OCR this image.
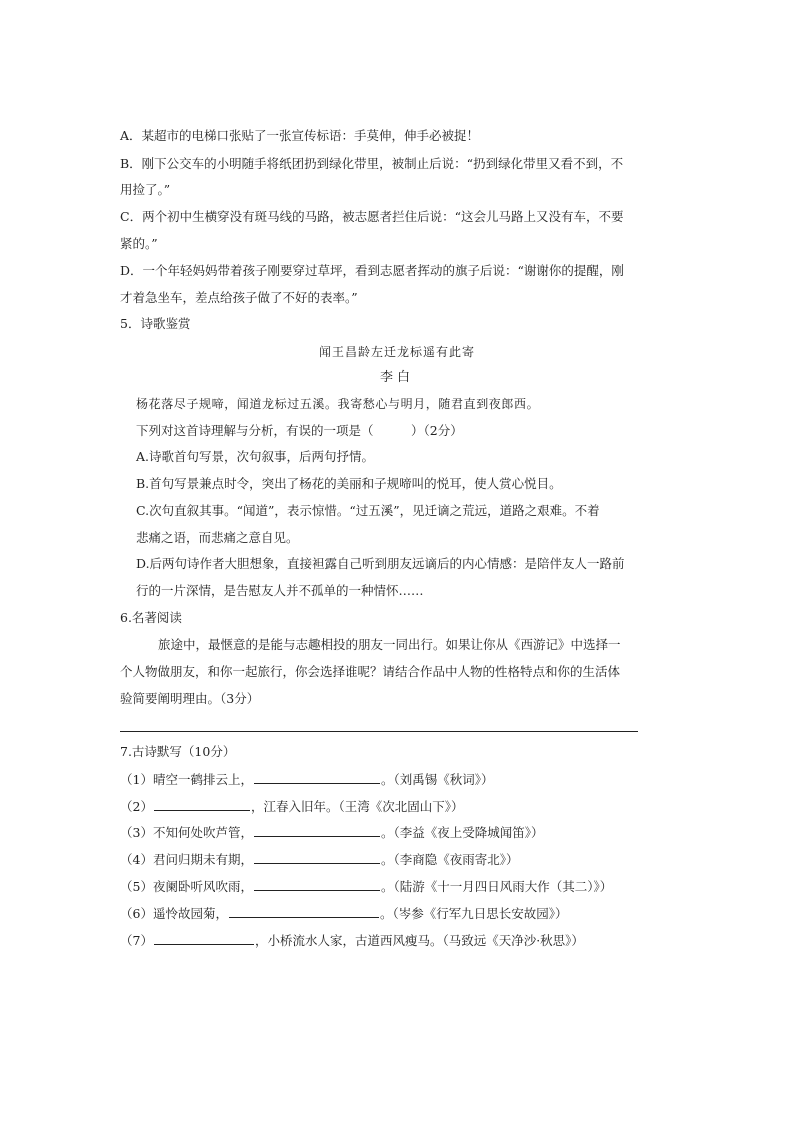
A．某超市的电梯口张贴了一张宣传标语：手莫伸，伸手必被捉！
B．刚下公交车的小明随手将纸团扔到绿化带里，被制止后说：“扔到绿化带里又看不到，不
用捡了。”
C．两个初中生横穿没有斑马线的马路，被志愿者拦住后说：“这会儿马路上又没有车，不要
紧的。”
D．一个年轻妈妈带着孩子刚要穿过草坪，看到志愿者挥动的旗子后说：“谢谢你的提醒，刚
才着急坐车，差点给孩子做了不好的表率。”
5．诗歌鉴赏
闻王昌龄左迁龙标遥有此寄
李白
杨花落尽子规啼，闻道龙标过五溪。我寄愁心与明月，随君直到夜郎西。
下列对这首诗理解与分析，有误的一项是（　　　）（2分）
A.诗歌首句写景，次句叙事，后两句抒情。
B.首句写景兼点时令，突出了杨花的美丽和子规啼叫的悦耳，使人赏心悦目。
C.次句直叙其事。“闻道”，表示惊惜。“过五溪”，见迁谪之荒远，道路之艰难。不着
悲痛之语，而悲痛之意自见。
D.后两句诗作者大胆想象，直接袒露自己听到朋友远谪后的内心情感：是陪伴友人一路前
行的一片深情，是告慰友人并不孤单的一种情怀……
6.名著阅读
旅途中，最惬意的是能与志趣相投的朋友一同出行。如果让你从《西游记》中选择一
个人物做朋友，和你一起旅行，你会选择谁呢？请结合作品中人物的性格特点和你的生活体
验简要阐明理由。（3分）
7.古诗默写（10分）
（1）晴空一鹤排云上，	。（刘禹锡《秋词》）
（2）	，江春入旧年。（王湾《次北固山下》）
（3）不知何处吹芦管，	。（李益《夜上受降城闻笛》）
（4）君问归期未有期，	。（李商隐《夜雨寄北》）
（5）夜阑卧听风吹雨，	。（陆游《十一月四日风雨大作（其二）》）
（6）遥怜故园菊，	。（岑参《行军九日思长安故园》）
（7）	，小桥流水人家，古道西风瘦马。（马致远《天净沙·秋思》）
